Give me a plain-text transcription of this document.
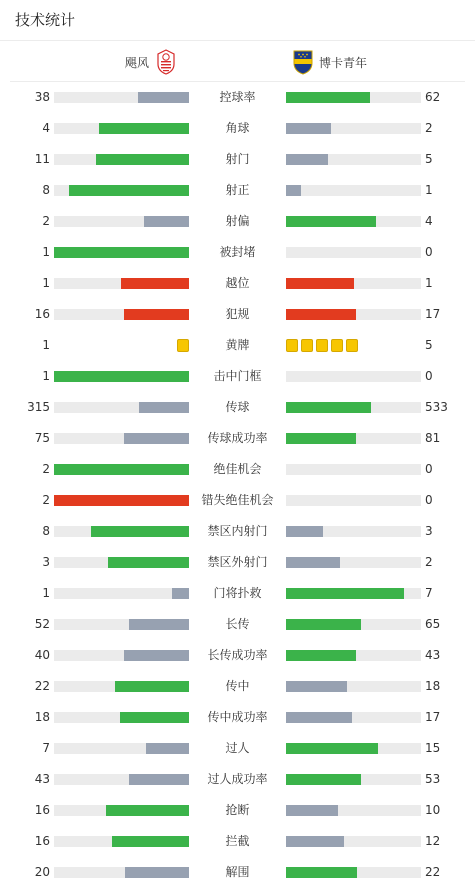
技术统计
飓风	博卡青年
38	控球率	62
4	角球	2
11	射门	5
8	射正	1
2	射偏	4
1	被封堵	0
1	越位	1
16	犯规	17
1	黄牌	5
1	击中门框	0
315	传球	533
75	传球成功率	81
2	绝佳机会	0
2	错失绝佳机会	0
8	禁区内射门	3
3	禁区外射门	2
1	门将扑救	7
52	长传	65
40	长传成功率	43
22	传中	18
18	传中成功率	17
7	过人	15
43	过人成功率	53
16	抢断	10
16	拦截	12
20	解围	22
